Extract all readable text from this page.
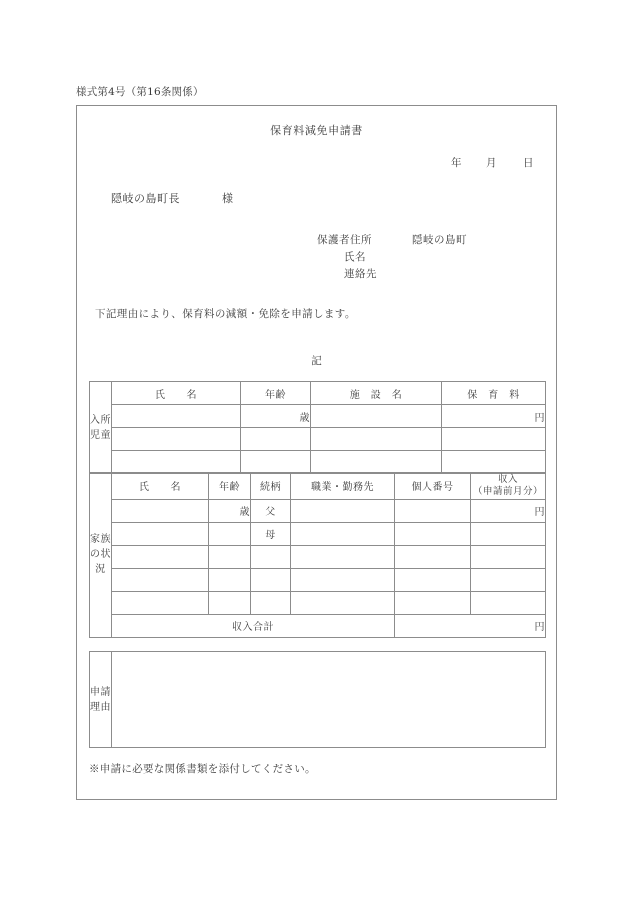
様式第4号（第16条関係）
保育料減免申請書
年 月 日
隠岐の島町長	様
保護者住所	隠岐の島町
氏名
連絡先
下記理由により、保育料の減額・免除を申請します。
記
入所児童	氏　　名	年齢	施　設　名	保　育　料
		歳		円

家族の状況	氏　　名	年齢	続柄	職業・勤務先	個人番号	収入
（申請前月分）

		歳	父			円
			母			

	収入合計				円	
申請理由

※申請に必要な関係書類を添付してください。
